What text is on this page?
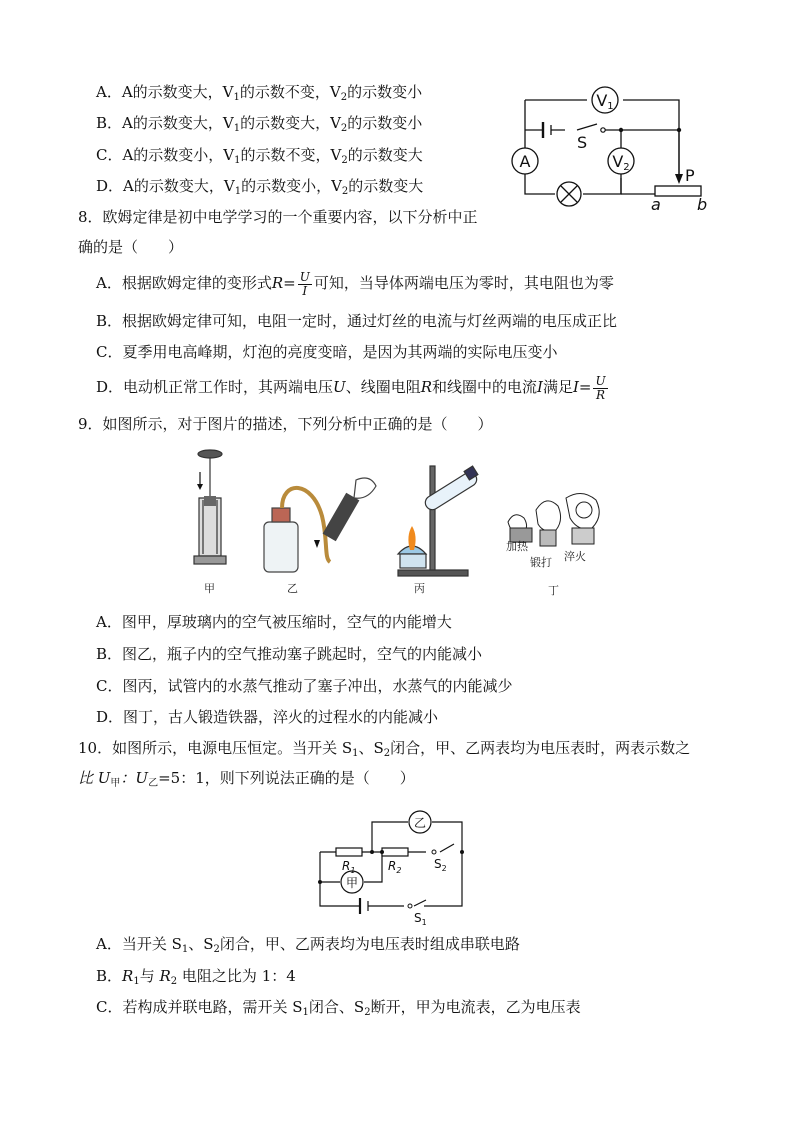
A．A的示数变大，$V_1$的示数不变，$V_2$的示数变小
B．A的示数变大，$V_1$的示数变大，$V_2$的示数变小
C．A的示数变小，$V_1$的示数不变，$V_2$的示数变大
D．A的示数变大，$V_1$的示数变小，$V_2$的示数变大
V1
A	V2
S
P
a b
8．欧姆定律是初中电学学习的一个重要内容，以下分析中正
确的是（　　）
A．根据欧姆定律的变形式$R= \frac{U}{I}$ 可知，当导体两端电压为零时，其电阻也为零
B．根据欧姆定律可知，电阻一定时，通过灯丝的电流与灯丝两端的电压成正比
C．夏季用电高峰期，灯泡的亮度变暗，是因为其两端的实际电压变小
D．电动机正常工作时，其两端电压U、线圈电阻R和线圈中的电流I满足$I= \frac{U}{R}$
9．如图所示，对于图片的描述，下列分析中正确的是（　　）
甲	乙	丙
加热
锻打 淬火
丁
A．图甲，厚玻璃内的空气被压缩时，空气的内能增大
B．图乙，瓶子内的空气推动塞子跳起时，空气的内能减小
C．图丙，试管内的水蒸气推动了塞子冲出，水蒸气的内能减少
D．图丁，古人锻造铁器，淬火的过程水的内能减小
10．如图所示，电源电压恒定。当开关 $S_1$、$S_2$闭合，甲、乙两表均为电压表时，两表示数之
比 $U_甲$：$U_乙=5$：1，则下列说法正确的是（　　）
乙
甲
$R_1$	$R_2$	$S_2$
$S_1$
A．当开关 $S_1$、$S_2$闭合，甲、乙两表均为电压表时组成串联电路
B．$R_1$与 $R_2$ 电阻之比为 1：4
C．若构成并联电路，需开关 $S_1$闭合、$S_2$断开，甲为电流表，乙为电压表
